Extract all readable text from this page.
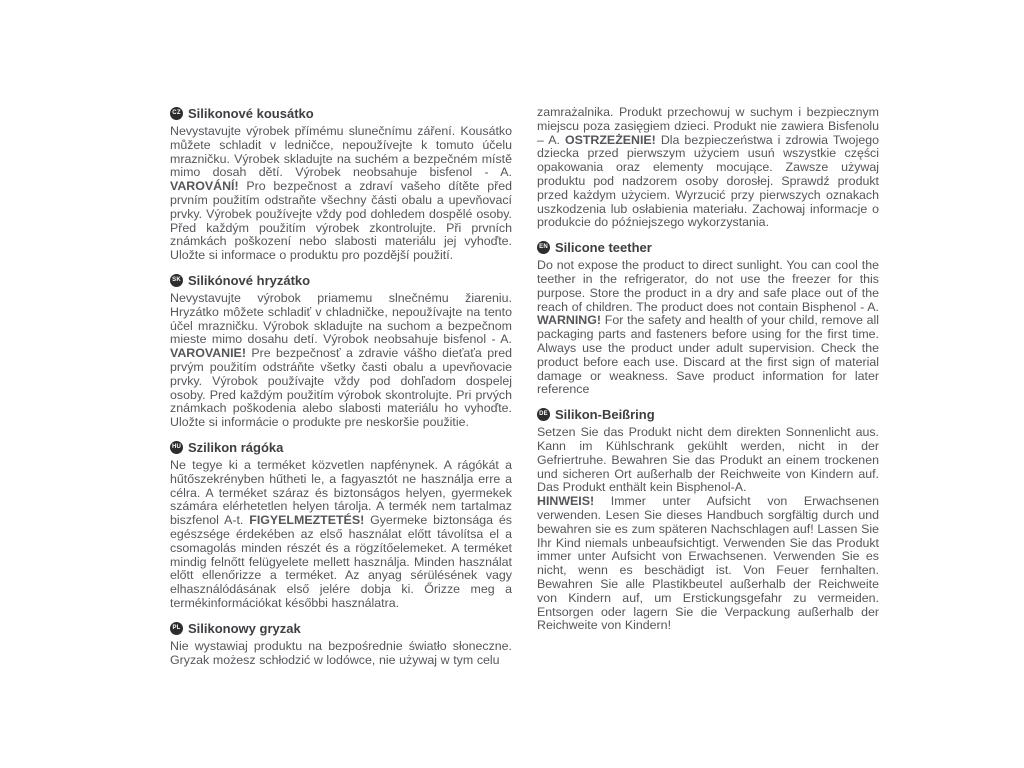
CZ Silikonové kousátko

Nevystavujte výrobek přímému slunečnímu záření. Kousátko můžete schladit v ledničce, nepoužívejte k tomuto účelu mrazničku. Výrobek skladujte na suchém a bezpečném místě mimo dosah dětí. Výrobek neobsahuje bisfenol - A. VAROVÁNÍ! Pro bezpečnost a zdraví vašeho dítěte před prvním použitím odstraňte všechny části obalu a upevňovací prvky. Výrobek používejte vždy pod dohledem dospělé osoby. Před každým použitím výrobek zkontrolujte. Při prvních známkách poškození nebo slabosti materiálu jej vyhoďte. Uložte si informace o produktu pro pozdější použití.

SK Silikónové hryzátko

Nevystavujte výrobok priamemu slnečnému žiareniu. Hryzátko môžete schladiť v chladničke, nepoužívajte na tento účel mrazničku. Výrobok skladujte na suchom a bezpečnom mieste mimo dosahu detí. Výrobok neobsahuje bisfenol - A. VAROVANIE! Pre bezpečnosť a zdravie vášho dieťaťa pred prvým použitím odstráňte všetky časti obalu a upevňovacie prvky. Výrobok používajte vždy pod dohľadom dospelej osoby. Pred každým použitím výrobok skontrolujte. Pri prvých známkach poškodenia alebo slabosti materiálu ho vyhoďte. Uložte si informácie o produkte pre neskoršie použitie.

HU Szilikon rágóka

Ne tegye ki a terméket közvetlen napfénynek. A rágókát a hűtőszekrényben hűtheti le, a fagyasztót ne használja erre a célra. A terméket száraz és biztonságos helyen, gyermekek számára elérhetetlen helyen tárolja. A termék nem tartalmaz biszfenol A-t. FIGYELMEZTETÉS! Gyermeke biztonsága és egészsége érdekében az első használat előtt távolítsa el a csomagolás minden részét és a rögzítőelemeket. A terméket mindig felnőtt felügyelete mellett használja. Minden használat előtt ellenőrizze a terméket. Az anyag sérülésének vagy elhasználódásának első jelére dobja ki. Őrizze meg a termékinformációkat későbbi használatra.

PL Silikonowy gryzak

Nie wystawiaj produktu na bezpośrednie światło słoneczne. Gryzak możesz schłodzić w lodówce, nie używaj w tym celu

zamrażalnika. Produkt przechowuj w suchym i bezpiecznym miejscu poza zasięgiem dzieci. Produkt nie zawiera Bisfenolu – A. OSTRZEŻENIE! Dla bezpieczeństwa i zdrowia Twojego dziecka przed pierwszym użyciem usuń wszystkie części opakowania oraz elementy mocujące. Zawsze używaj produktu pod nadzorem osoby dorosłej. Sprawdź produkt przed każdym użyciem. Wyrzucić przy pierwszych oznakach uszkodzenia lub osłabienia materiału. Zachowaj informacje o produkcie do późniejszego wykorzystania.

EN Silicone teether

Do not expose the product to direct sunlight. You can cool the teether in the refrigerator, do not use the freezer for this purpose. Store the product in a dry and safe place out of the reach of children. The product does not contain Bisphenol - A. WARNING! For the safety and health of your child, remove all packaging parts and fasteners before using for the first time. Always use the product under adult supervision. Check the product before each use. Discard at the first sign of material damage or weakness. Save product information for later reference

DE Silikon-Beißring

Setzen Sie das Produkt nicht dem direkten Sonnenlicht aus. Kann im Kühlschrank gekühlt werden, nicht in der Gefriertruhe. Bewahren Sie das Produkt an einem trockenen und sicheren Ort außerhalb der Reichweite von Kindern auf. Das Produkt enthält kein Bisphenol-A.
HINWEIS! Immer unter Aufsicht von Erwachsenen verwenden. Lesen Sie dieses Handbuch sorgfältig durch und bewahren sie es zum späteren Nachschlagen auf! Lassen Sie Ihr Kind niemals unbeaufsichtigt. Verwenden Sie das Produkt immer unter Aufsicht von Erwachsenen. Verwenden Sie es nicht, wenn es beschädigt ist. Von Feuer fernhalten. Bewahren Sie alle Plastikbeutel außerhalb der Reichweite von Kindern auf, um Erstickungsgefahr zu vermeiden. Entsorgen oder lagern Sie die Verpackung außerhalb der Reichweite von Kindern!
